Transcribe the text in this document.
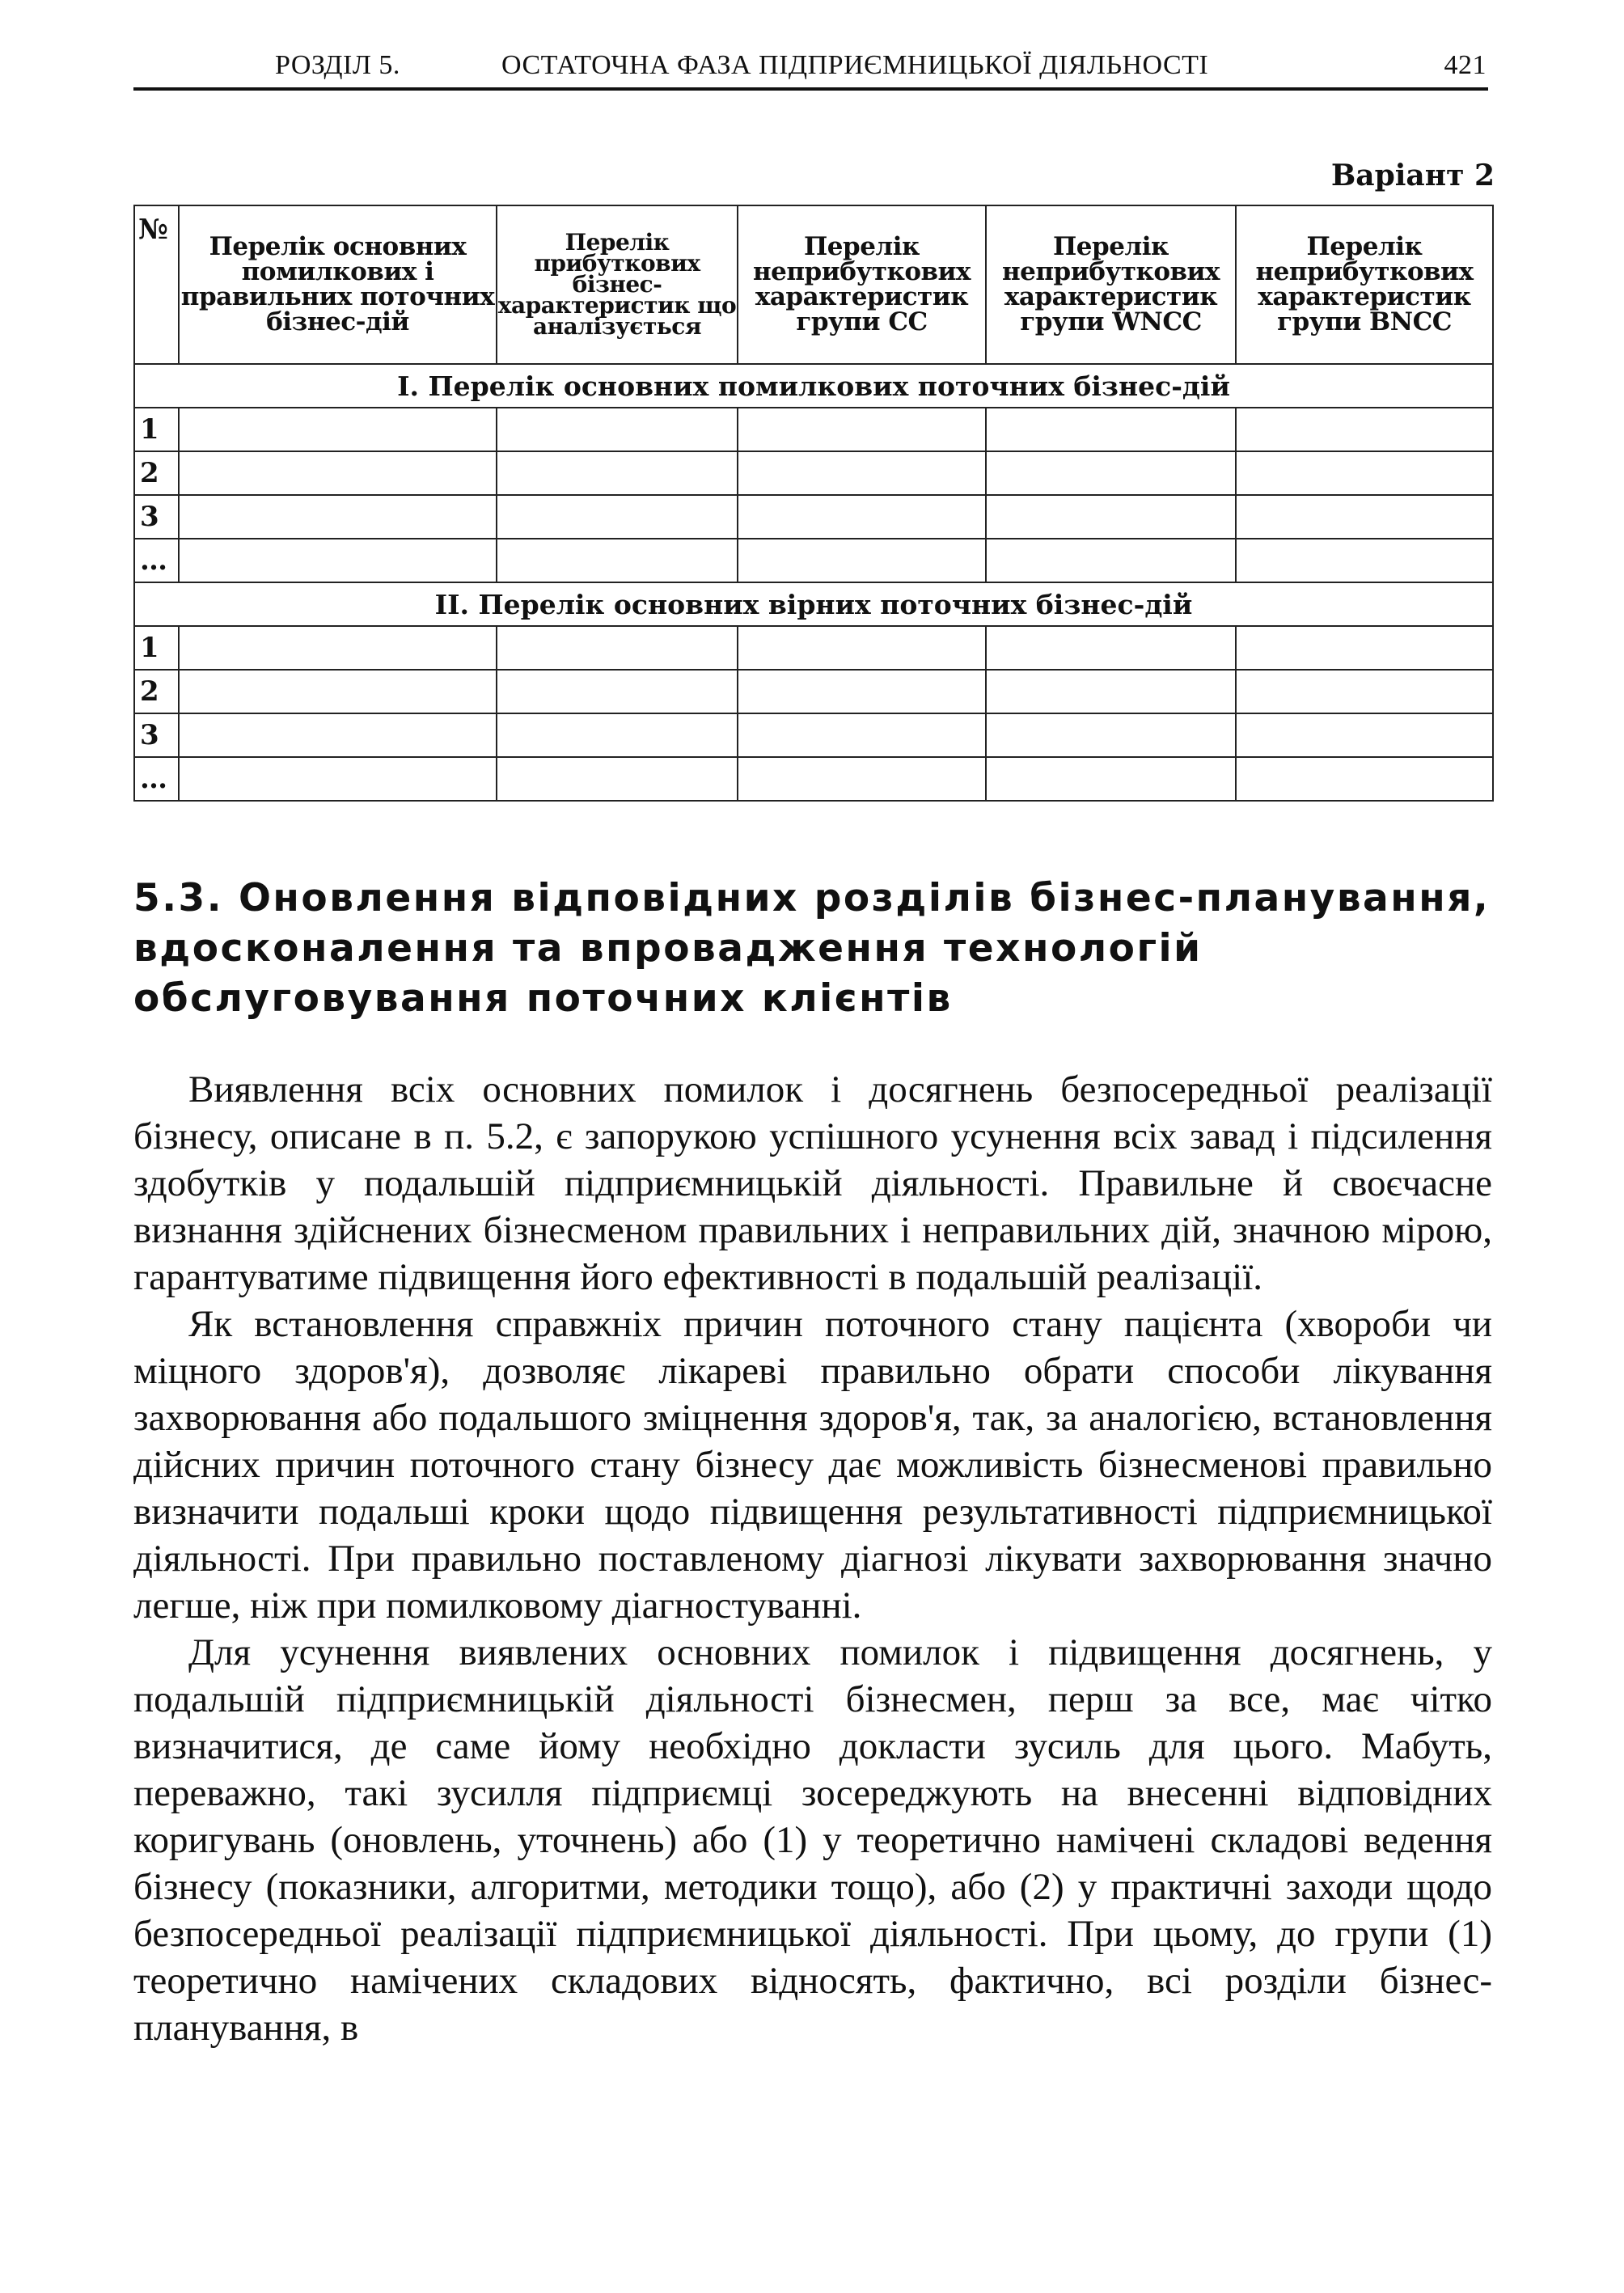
РОЗДІЛ 5.	ОСТАТОЧНА ФАЗА ПІДПРИЄМНИЦЬКОЇ ДІЯЛЬНОСТІ	421
Варіант 2
№	Перелік основних помилкових і правильних поточних бізнес-дій	Перелік прибуткових бізнес-характеристик що аналізується	Перелік неприбуткових характеристик групи СС	Перелік неприбуткових характеристик групи WNCC	Перелік неприбуткових характеристик групи BNCC
І. Перелік основних помилкових поточних бізнес-дій					
1					
2					
3					
…					
ІІ. Перелік основних вірних поточних бізнес-дій					
1					
2					
3					
…					
5.3. Оновлення відповідних розділів бізнес-планування, вдосконалення та впровадження технологій обслуговування поточних клієнтів

Виявлення всіх основних помилок і досягнень безпосередньої реалізації бізнесу, описане в п. 5.2, є запорукою успішного усунення всіх завад і підсилення здобутків у подальшій підприємницькій діяльності. Правильне й своєчасне визнання здійснених бізнесменом правильних і неправильних дій, значною мірою, гарантуватиме підвищення його ефективності в подальшій реалізації.

Як встановлення справжніх причин поточного стану пацієнта (хвороби чи міцного здоров'я), дозволяє лікареві правильно обрати способи лікування захворювання або подальшого зміцнення здоров'я, так, за аналогією, встановлення дійсних причин поточного стану бізнесу дає можливість бізнесменові правильно визначити подальші кроки щодо підвищення результативності підприємницької діяльності. При правильно поставленому діагнозі лікувати захворювання значно легше, ніж при помилковому діагностуванні.

Для усунення виявлених основних помилок і підвищення досягнень, у подальшій підприємницькій діяльності бізнесмен, перш за все, має чітко визначитися, де саме йому необхідно докласти зусиль для цього. Мабуть, переважно, такі зусилля підприємці зосереджують на внесенні відповідних коригувань (оновлень, уточнень) або (1) у теоретично намічені складові ведення бізнесу (показники, алгоритми, методики тощо), або (2) у практичні заходи щодо безпосередньої реалізації підприємницької діяльності. При цьому, до групи (1) теоретично намічених складових відносять, фактично, всі розділи бізнес-планування, в
